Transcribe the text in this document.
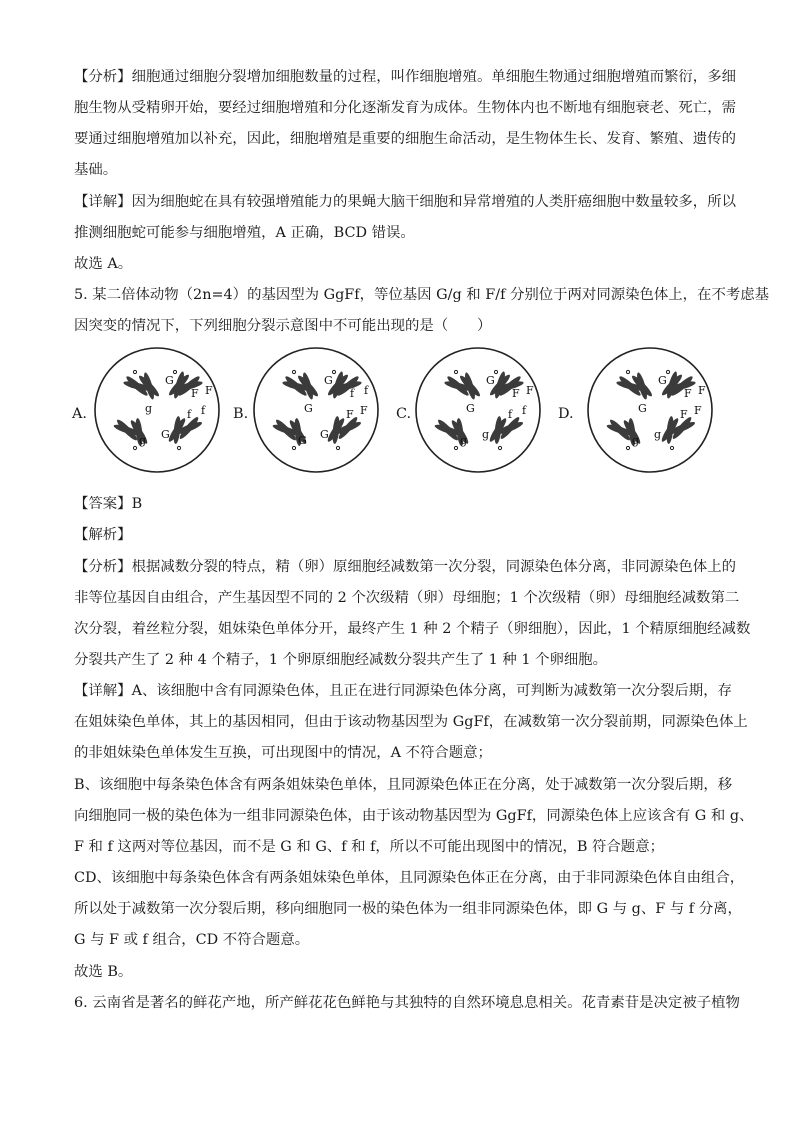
【分析】细胞通过细胞分裂增加细胞数量的过程，叫作细胞增殖。单细胞生物通过细胞增殖而繁衍，多细
胞生物从受精卵开始，要经过细胞增殖和分化逐渐发育为成体。生物体内也不断地有细胞衰老、死亡，需
要通过细胞增殖加以补充，因此，细胞增殖是重要的细胞生命活动，是生物体生长、发育、繁殖、遗传的
基础。
【详解】因为细胞蛇在具有较强增殖能力的果蝇大脑干细胞和异常增殖的人类肝癌细胞中数量较多，所以
推测细胞蛇可能参与细胞增殖，A 正确，BCD 错误。
故选 A。
5. 某二倍体动物（2n=4）的基因型为 GgFf，等位基因 G/g 和 F/f 分别位于两对同源染色体上，在不考虑基
因突变的情况下，下列细胞分裂示意图中不可能出现的是（　　）
G
g
F F
G
g
f f
G
G
f f
G
G
F F
G
G
F F
g
g
f f
G
G
F F
g
g
F F
A.	B.	C.	D.
【答案】B
【解析】
【分析】根据减数分裂的特点，精（卵）原细胞经减数第一次分裂，同源染色体分离，非同源染色体上的
非等位基因自由组合，产生基因型不同的 2 个次级精（卵）母细胞；1 个次级精（卵）母细胞经减数第二
次分裂，着丝粒分裂，姐妹染色单体分开，最终产生 1 种 2 个精子（卵细胞），因此，1 个精原细胞经减数
分裂共产生了 2 种 4 个精子，1 个卵原细胞经减数分裂共产生了 1 种 1 个卵细胞。
【详解】A、该细胞中含有同源染色体，且正在进行同源染色体分离，可判断为减数第一次分裂后期，存
在姐妹染色单体，其上的基因相同，但由于该动物基因型为 GgFf，在减数第一次分裂前期，同源染色体上
的非姐妹染色单体发生互换，可出现图中的情况，A 不符合题意；
B、该细胞中每条染色体含有两条姐妹染色单体，且同源染色体正在分离，处于减数第一次分裂后期，移
向细胞同一极的染色体为一组非同源染色体，由于该动物基因型为 GgFf，同源染色体上应该含有 G 和 g、
F 和 f 这两对等位基因，而不是 G 和 G、f 和 f，所以不可能出现图中的情况，B 符合题意；
CD、该细胞中每条染色体含有两条姐妹染色单体，且同源染色体正在分离，由于非同源染色体自由组合，
所以处于减数第一次分裂后期，移向细胞同一极的染色体为一组非同源染色体，即 G 与 g、F 与 f 分离，
G 与 F 或 f 组合，CD 不符合题意。
故选 B。
6. 云南省是著名的鲜花产地，所产鲜花花色鲜艳与其独特的自然环境息息相关。花青素苷是决定被子植物
